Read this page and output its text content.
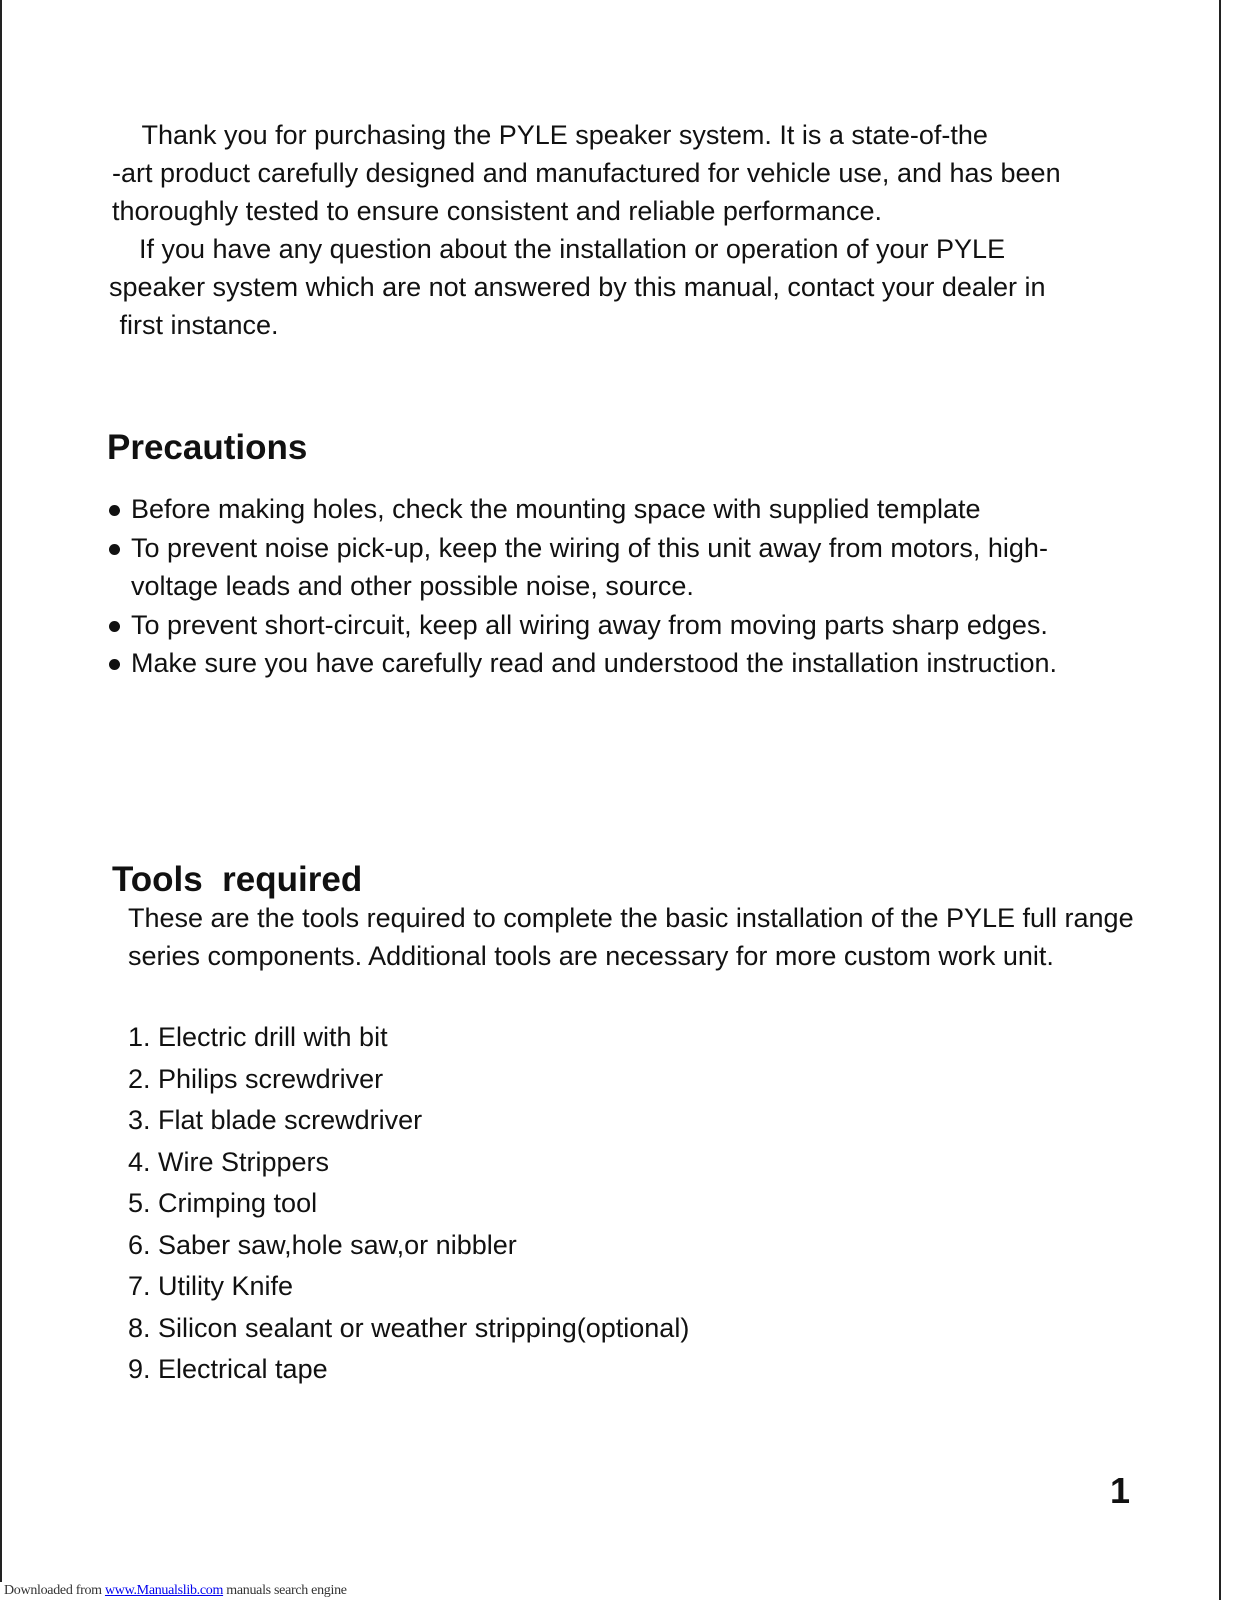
Thank you for purchasing the PYLE speaker system. It is a state-of-the

-art product carefully designed and manufactured for vehicle use, and has been

thoroughly tested to ensure consistent and reliable performance.

If you have any question about the installation or operation of your PYLE

speaker system which are not answered by this manual, contact your dealer in

first instance.

Precautions
Before making holes, check the mounting space with supplied template
To prevent noise pick-up, keep the wiring of this unit away from motors, high-voltage leads and other possible noise, source.
To prevent short-circuit, keep all wiring away from moving parts sharp edges.
Make sure you have carefully read and understood the installation instruction.
Tools  required

These are the tools required to complete the basic installation of the PYLE full range series components. Additional tools are necessary for more custom work unit.

1. Electric drill with bit
2. Philips screwdriver
3. Flat blade screwdriver
4. Wire Strippers
5. Crimping tool
6. Saber saw,hole saw,or nibbler
7. Utility Knife
8. Silicon sealant or weather stripping(optional)
9. Electrical tape
1
Downloaded from www.Manualslib.com manuals search engine
